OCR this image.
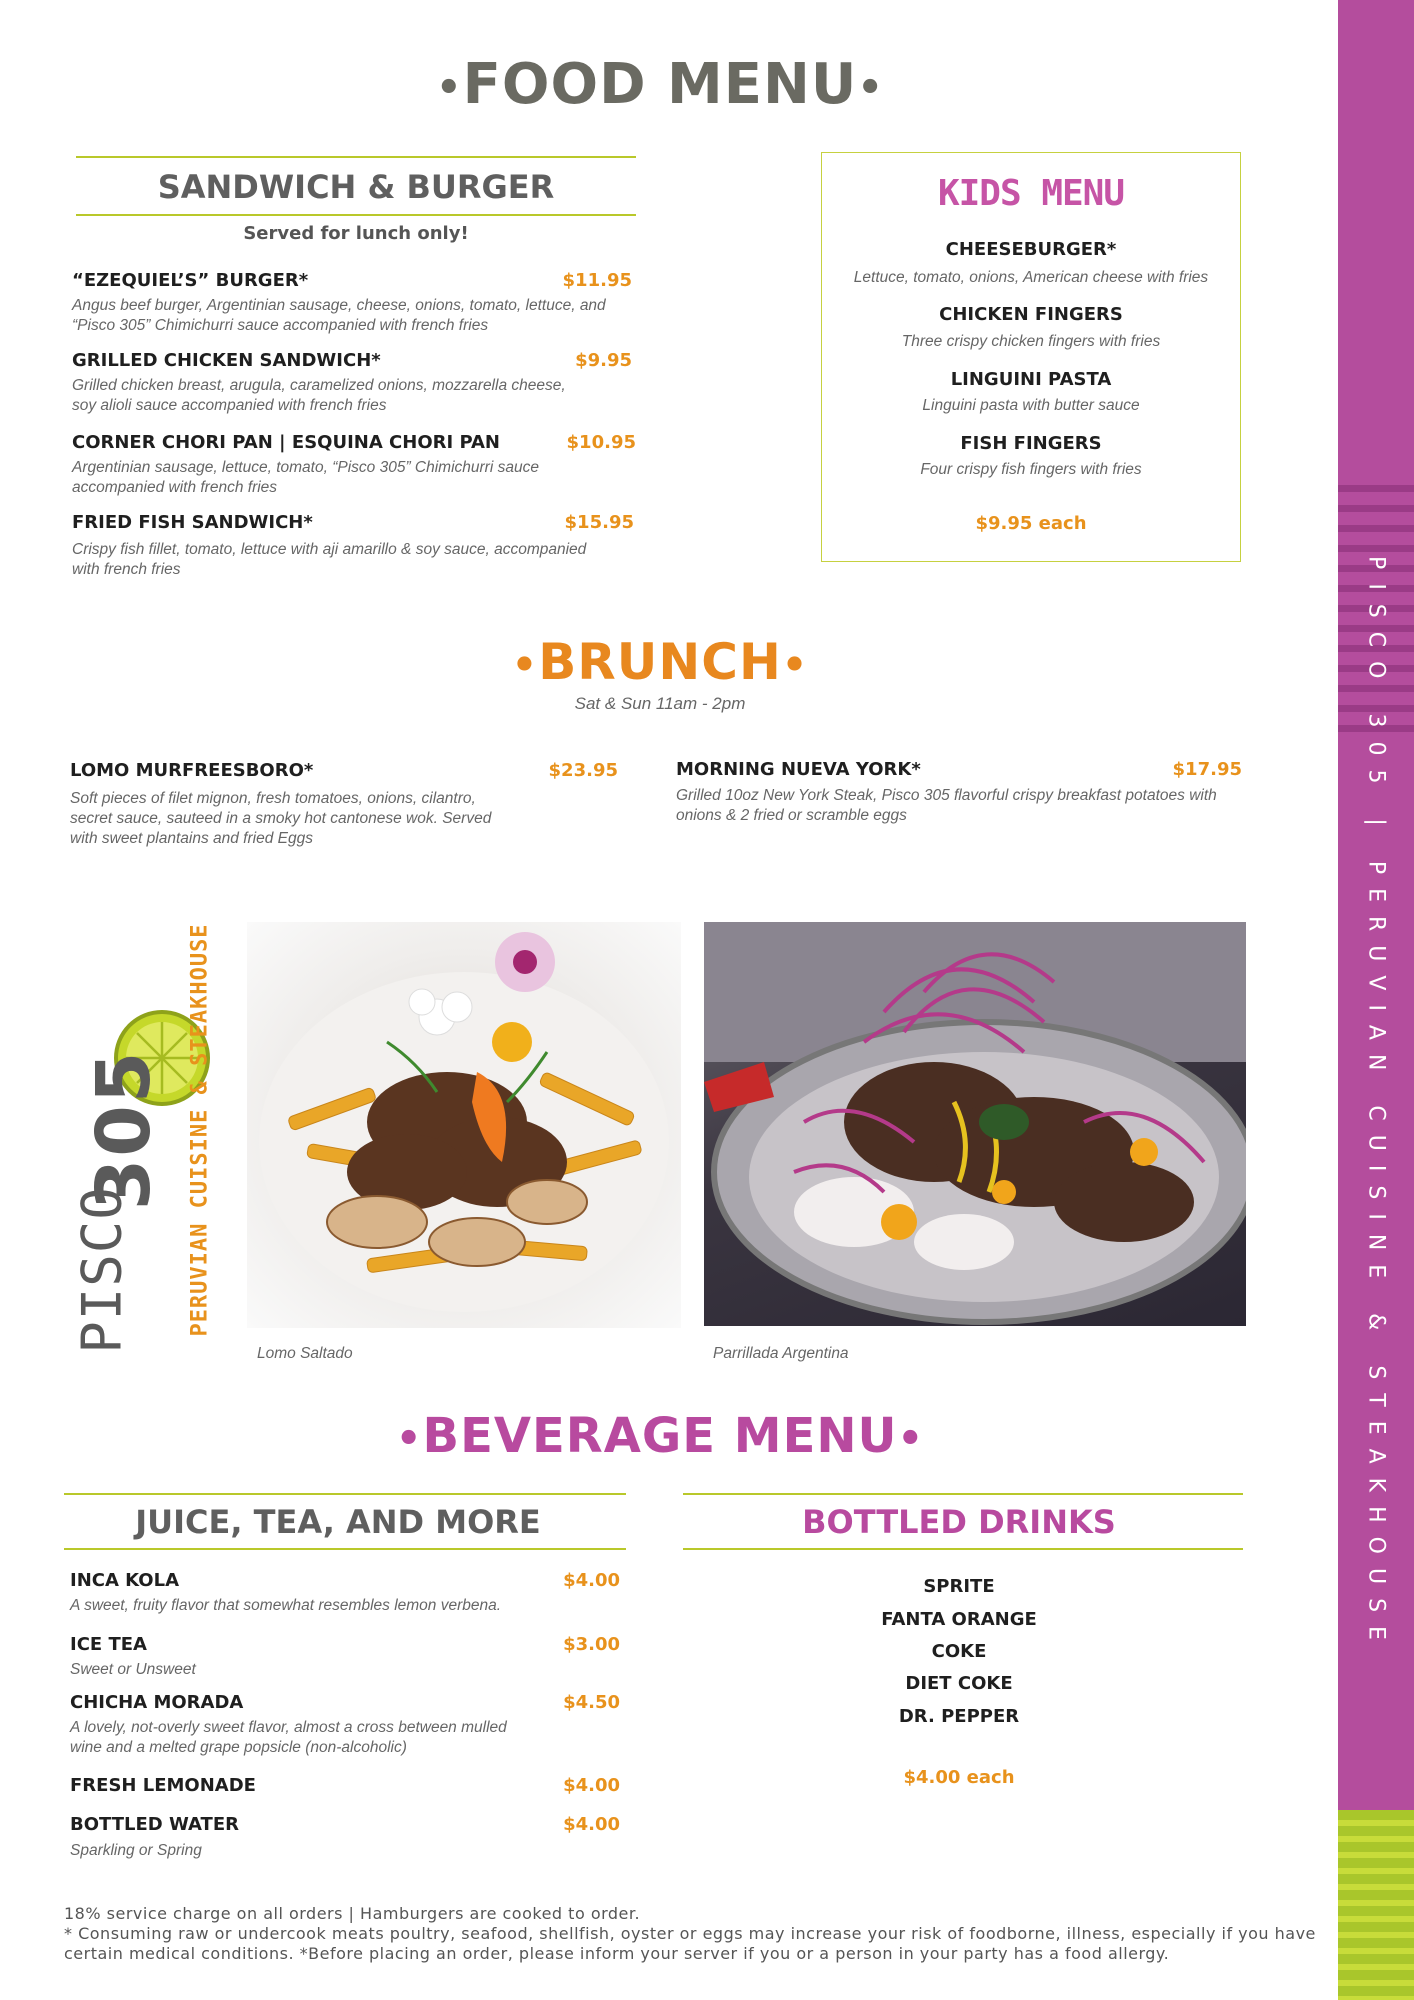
PISCO 305 | PERUVIAN CUISINE & STEAKHOUSE
•FOOD MENU•
SANDWICH & BURGER
Served for lunch only!
“EZEQUIEL’S” BURGER*	$11.95
Angus beef burger, Argentinian sausage, cheese, onions, tomato, lettuce, and
“Pisco 305” Chimichurri sauce accompanied with french fries
GRILLED CHICKEN SANDWICH*	$9.95
Grilled chicken breast, arugula, caramelized onions, mozzarella cheese,
soy alioli sauce accompanied with french fries
CORNER CHORI PAN | ESQUINA CHORI PAN	$10.95
Argentinian sausage, lettuce, tomato, “Pisco 305” Chimichurri sauce
accompanied with french fries
FRIED FISH SANDWICH*	$15.95
Crispy fish fillet, tomato, lettuce with aji amarillo & soy sauce, accompanied
with french fries
KIDS MENU
CHEESEBURGER*
Lettuce, tomato, onions, American cheese with fries
CHICKEN FINGERS
Three crispy chicken fingers with fries
LINGUINI PASTA
Linguini pasta with butter sauce
FISH FINGERS
Four crispy fish fingers with fries
$9.95 each
•BRUNCH•
Sat & Sun 11am - 2pm
LOMO MURFREESBORO*	$23.95
Soft pieces of filet mignon, fresh tomatoes, onions, cilantro,
secret sauce, sauteed in a smoky hot cantonese wok. Served
with sweet plantains and fried Eggs
MORNING NUEVA YORK*	$17.95
Grilled 10oz New York Steak, Pisco 305 flavorful crispy breakfast potatoes with
onions & 2 fried or scramble eggs
305
PISCO PERUVIAN CUISINE & STEAKHOUSE
Lomo Saltado	Parrillada Argentina
•BEVERAGE MENU•
JUICE, TEA, AND MORE
INCA KOLA	$4.00
A sweet, fruity flavor that somewhat resembles lemon verbena.
ICE TEA	$3.00
Sweet or Unsweet
CHICHA MORADA	$4.50
A lovely, not-overly sweet flavor, almost a cross between mulled
wine and a melted grape popsicle (non-alcoholic)
FRESH LEMONADE	$4.00
BOTTLED WATER	$4.00
Sparkling or Spring
BOTTLED DRINKS
SPRITE
FANTA ORANGE
COKE
DIET COKE
DR. PEPPER
$4.00 each
18% service charge on all orders | Hamburgers are cooked to order.
* Consuming raw or undercook meats poultry, seafood, shellfish, oyster or eggs may increase your risk of foodborne, illness, especially if you have
certain medical conditions. *Before placing an order, please inform your server if you or a person in your party has a food allergy.
